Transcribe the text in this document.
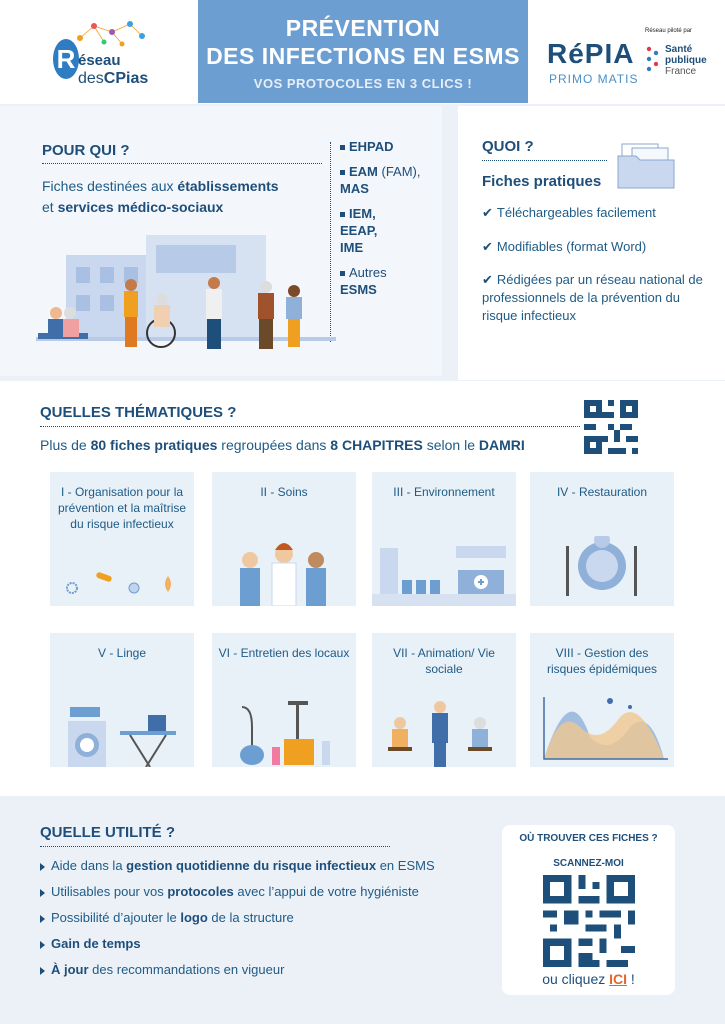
R éseau
desCPias
PRÉVENTION
DES INFECTIONS EN ESMS
VOS PROTOCOLES EN 3 CLICS !
Réseau piloté par
RéPIA
PRIMO MATIS
Santé
publique
France
POUR QUI ?
Fiches destinées aux établissements
et services médico-sociaux
EHPAD
EAM (FAM),
MAS
IEM,
EEAP,
IME
Autres
ESMS
QUOI ?
Fiches pratiques
✔ Téléchargeables facilement
✔ Modifiables (format Word)
✔ Rédigées par un réseau national de professionnels de la prévention du risque infectieux
QUELLES THÉMATIQUES ?
Plus de 80 fiches pratiques regroupées dans 8 CHAPITRES selon le DAMRI
I - Organisation pour la prévention et la maîtrise du risque infectieux
II - Soins	III - Environnement	IV - Restauration
V - Linge	VI - Entretien des locaux	VII - Animation/ Vie sociale
VIII - Gestion des risques épidémiques
QUELLE UTILITÉ ?
Aide dans la gestion quotidienne du risque infectieux en ESMS
Utilisables pour vos protocoles avec l’appui de votre hygiéniste
Possibilité d’ajouter le logo de la structure
Gain de temps
À jour des recommandations en vigueur
OÙ TROUVER CES FICHES ?
SCANNEZ-MOI
ou cliquez ICI !
